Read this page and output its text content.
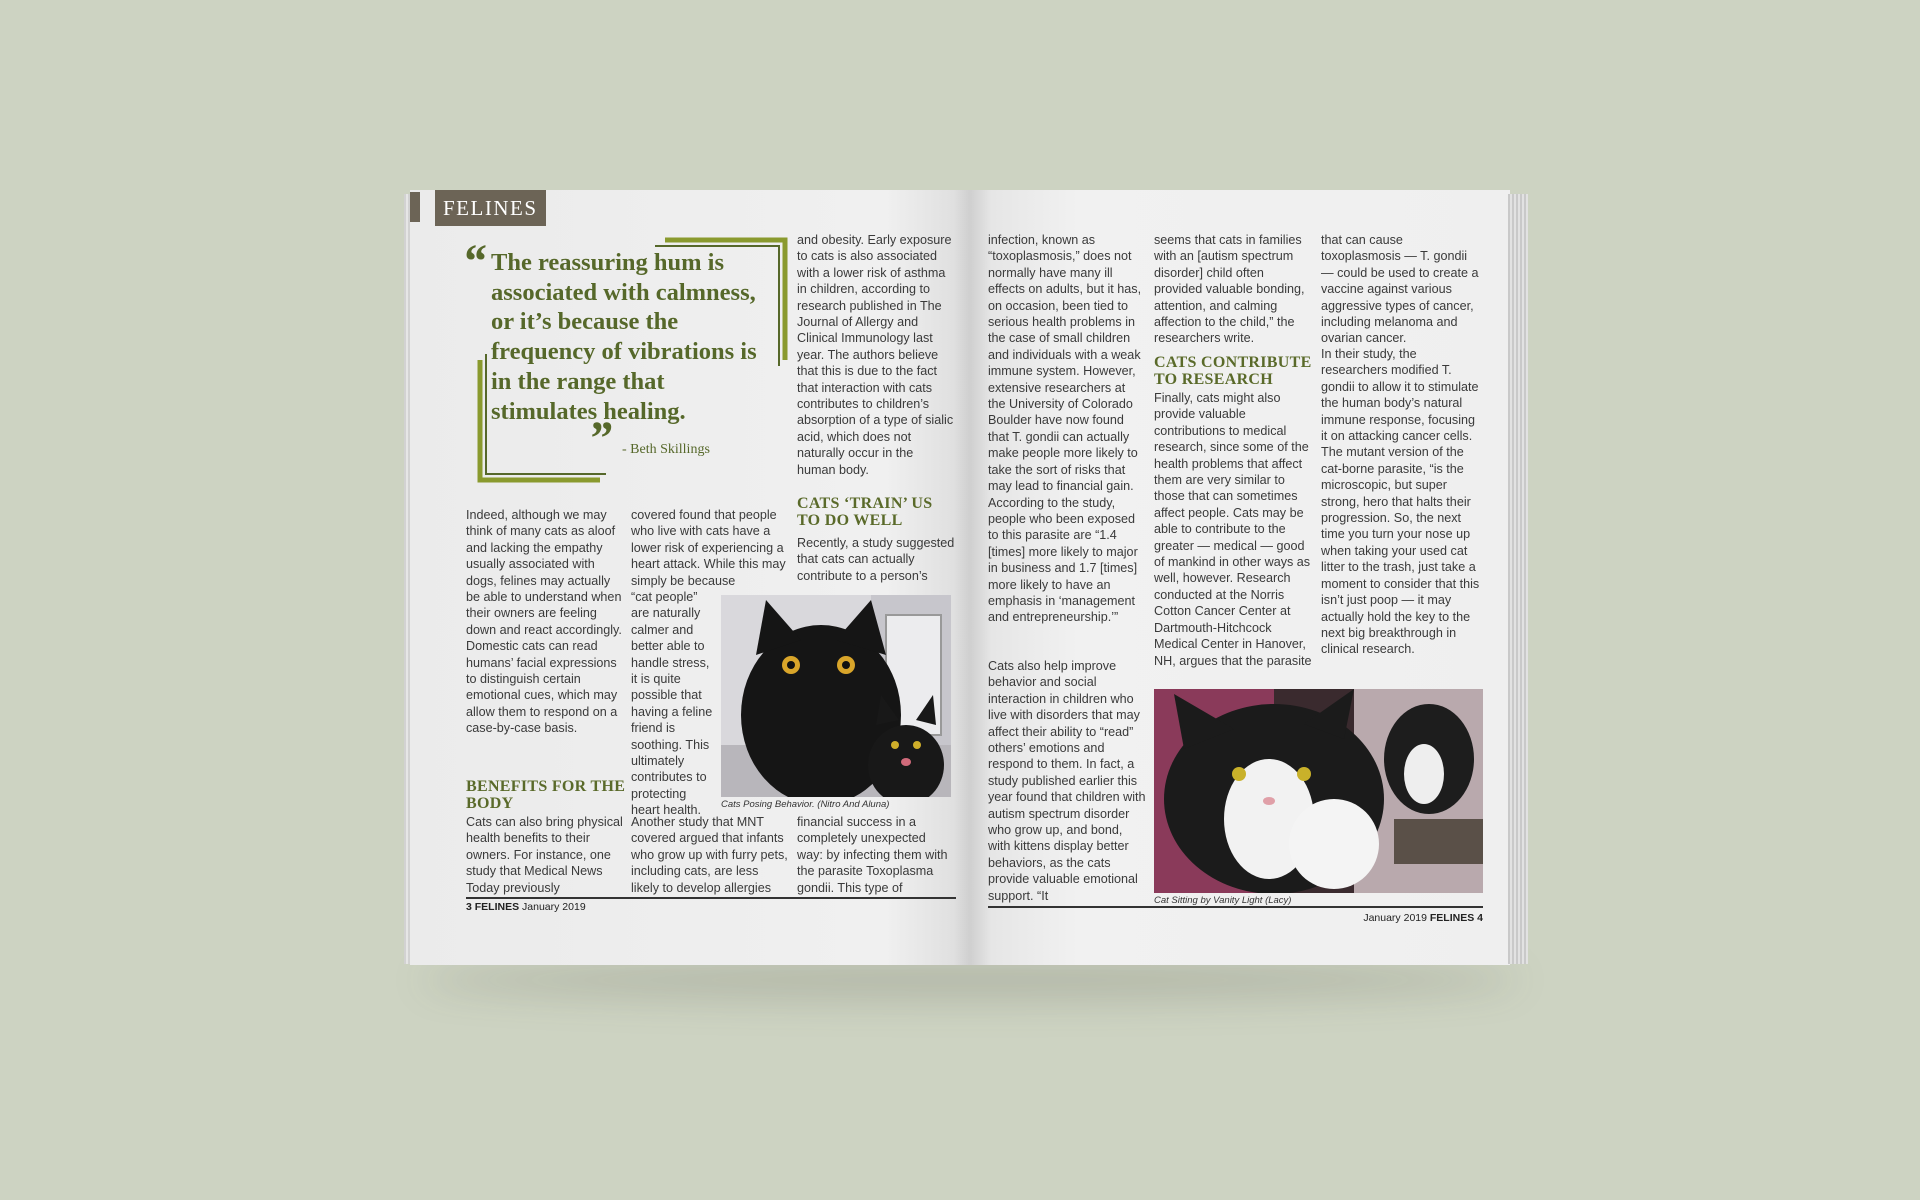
FELINES
“ The reassuring hum is associated with calmness, or it’s because the frequency of vibrations is in the range that stimulates healing.

” - Beth Skillings

Indeed, although we may think of many cats as aloof and lacking the empathy usually associated with dogs, felines may actually be able to understand when their owners are feeling down and react accordingly. Domestic cats can read humans’ facial expressions to distinguish certain emotional cues, which may allow them to respond on a case-by-case basis.

BENEFITS FOR THE BODY

Cats can also bring physical health benefits to their owners. For instance, one study that Medical News Today previously

covered found that people who live with cats have a lower risk of experiencing a heart attack. While this may simply be because

“cat people” are naturally calmer and better able to handle stress, it is quite possible that having a feline friend is soothing. This ultimately contributes to protecting heart health.

Another study that MNT covered argued that infants who grow up with furry pets, including cats, are less likely to develop allergies

and obesity. Early exposure to cats is also associated with a lower risk of asthma in children, according to research published in The Journal of Allergy and Clinical Immunology last year. The authors believe that this is due to the fact that interaction with cats contributes to children’s absorption of a type of sialic acid, which does not naturally occur in the human body.

CATS ‘TRAIN’ US TO DO WELL

Recently, a study suggested that cats can actually contribute to a person’s

financial success in a completely unexpected way: by infecting them with the parasite Toxoplasma gondii. This type of

Cats Posing Behavior. (Nitro And Aluna)
3 FELINES January 2019

infection, known as “toxoplasmosis,” does not normally have many ill effects on adults, but it has, on occasion, been tied to serious health problems in the case of small children and individuals with a weak immune system. However, extensive researchers at the University of Colorado Boulder have now found that T. gondii can actually make people more likely to take the sort of risks that may lead to financial gain. According to the study, people who been exposed to this parasite are “1.4 [times] more likely to major in business and 1.7 [times] more likely to have an emphasis in ‘management and entrepreneurship.’”

Cats also help improve behavior and social interaction in children who live with disorders that may affect their ability to “read” others’ emotions and respond to them. In fact, a study published earlier this year found that children with autism spectrum disorder who grow up, and bond, with kittens display better behaviors, as the cats provide valuable emotional support. “It

seems that cats in families with an [autism spectrum disorder] child often provided valuable bonding, attention, and calming affection to the child,” the researchers write.

CATS CONTRIBUTE TO RESEARCH

Finally, cats might also provide valuable contributions to medical research, since some of the health problems that affect them are very similar to those that can sometimes affect people. Cats may be able to contribute to the greater — medical — good of mankind in other ways as well, however. Research conducted at the Norris Cotton Cancer Center at Dartmouth-Hitchcock Medical Center in Hanover, NH, argues that the parasite

that can cause toxoplasmosis — T. gondii — could be used to create a vaccine against various aggressive types of cancer, including melanoma and ovarian cancer.

In their study, the researchers modified T. gondii to allow it to stimulate the human body’s natural immune response, focusing it on attacking cancer cells. The mutant version of the cat-borne parasite, “is the microscopic, but super strong, hero that halts their progression. So, the next time you turn your nose up when taking your used cat litter to the trash, just take a moment to consider that this isn’t just poop — it may actually hold the key to the next big breakthrough in clinical research.

Cat Sitting by Vanity Light (Lacy)
January 2019 FELINES 4
